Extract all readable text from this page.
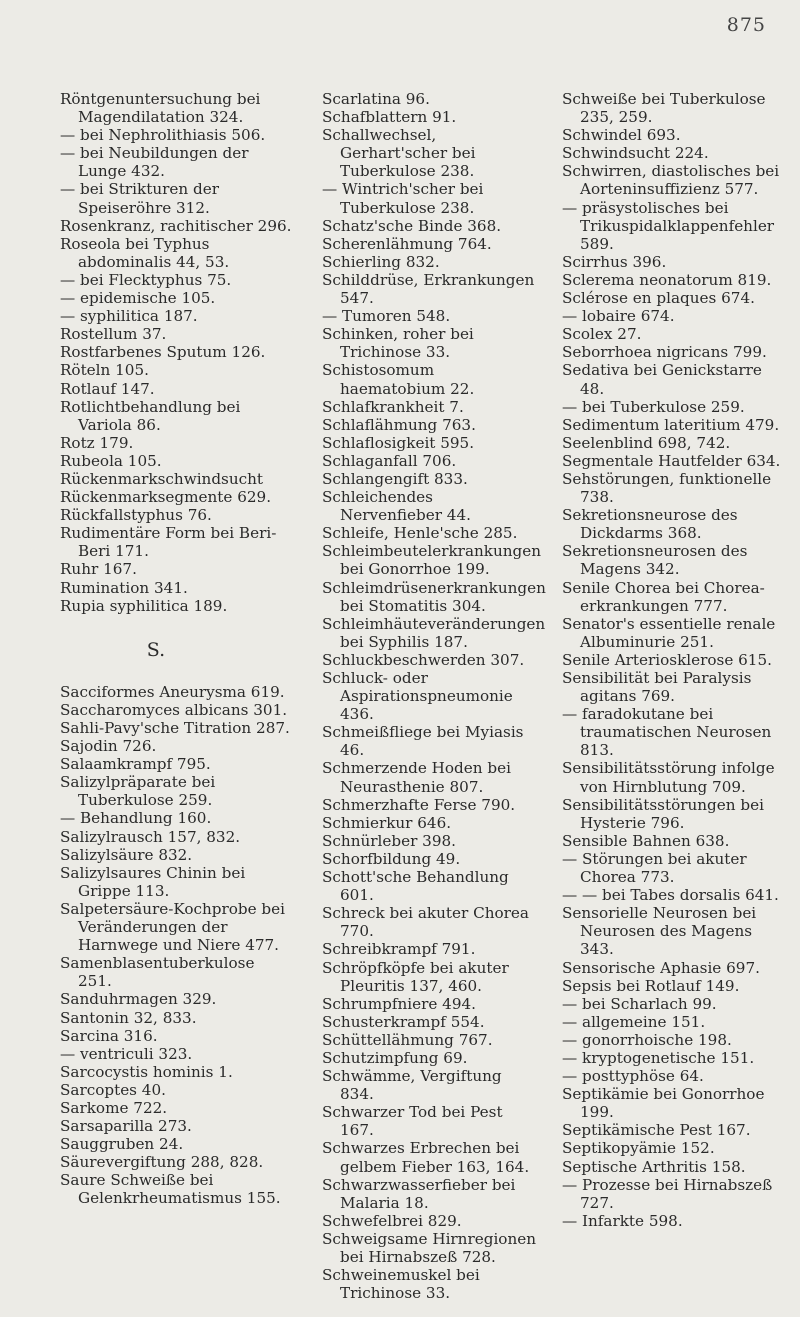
875

Röntgenuntersuchung bei Magendilatation 324.

— bei Nephrolithiasis 506.

— bei Neubildungen der Lunge 432.

— bei Strikturen der Speiseröhre 312.

Rosenkranz, rachitischer 296.

Roseola bei Typhus abdominalis 44, 53.

— bei Flecktyphus 75.

— epidemische 105.

— syphilitica 187.

Rostellum 37.

Rostfarbenes Sputum 126.

Röteln 105.

Rotlauf 147.

Rotlichtbehandlung bei Variola 86.

Rotz 179.

Rubeola 105.

Rückenmarkschwindsucht

Rückenmarksegmente 629.

Rückfallstyphus 76.

Rudimentäre Form bei Beri-Beri 171.

Ruhr 167.

Rumination 341.

Rupia syphilitica 189.

S.

Sacciformes Aneurysma 619.

Saccharomyces albicans 301.

Sahli-Pavy'sche Titration 287.

Sajodin 726.

Salaamkrampf 795.

Salizylpräparate bei Tuberkulose 259.

— Behandlung 160.

Salizylrausch 157, 832.

Salizylsäure 832.

Salizylsaures Chinin bei Grippe 113.

Salpetersäure-Kochprobe bei Veränderungen der Harnwege und Niere 477.

Samenblasentuberkulose 251.

Sanduhrmagen 329.

Santonin 32, 833.

Sarcina 316.

— ventriculi 323.

Sarcocystis hominis 1.

Sarcoptes 40.

Sarkome 722.

Sarsaparilla 273.

Sauggruben 24.

Säurevergiftung 288, 828.

Saure Schweiße bei Gelenkrheumatismus 155.

Scarlatina 96.

Schafblattern 91.

Schallwechsel, Gerhart'scher bei Tuberkulose 238.

— Wintrich'scher bei Tuberkulose 238.

Schatz'sche Binde 368.

Scherenlähmung 764.

Schierling 832.

Schilddrüse, Erkrankungen 547.

— Tumoren 548.

Schinken, roher bei Trichinose 33.

Schistosomum haematobium 22.

Schlafkrankheit 7.

Schlaflähmung 763.

Schlaflosigkeit 595.

Schlaganfall 706.

Schlangengift 833.

Schleichendes Nervenfieber 44.

Schleife, Henle'sche 285.

Schleimbeutelerkrankungen bei Gonorrhoe 199.

Schleimdrüsenerkrankungen bei Stomatitis 304.

Schleimhäuteveränderungen bei Syphilis 187.

Schluckbeschwerden 307.

Schluck- oder Aspirationspneumonie 436.

Schmeißfliege bei Myiasis 46.

Schmerzende Hoden bei Neurasthenie 807.

Schmerzhafte Ferse 790.

Schmierkur 646.

Schnürleber 398.

Schorfbildung 49.

Schott'sche Behandlung 601.

Schreck bei akuter Chorea 770.

Schreibkrampf 791.

Schröpfköpfe bei akuter Pleuritis 137, 460.

Schrumpfniere 494.

Schusterkrampf 554.

Schüttellähmung 767.

Schutzimpfung 69.

Schwämme, Vergiftung 834.

Schwarzer Tod bei Pest 167.

Schwarzes Erbrechen bei gelbem Fieber 163, 164.

Schwarzwasserfieber bei Malaria 18.

Schwefelbrei 829.

Schweigsame Hirnregionen bei Hirnabszeß 728.

Schweinemuskel bei Trichinose 33.

Schweiße bei Tuberkulose 235, 259.

Schwindel 693.

Schwindsucht 224.

Schwirren, diastolisches bei Aorteninsuffizienz 577.

— präsystolisches bei Trikuspidalklappenfehler 589.

Scirrhus 396.

Sclerema neonatorum 819.

Sclérose en plaques 674.

— lobaire 674.

Scolex 27.

Seborrhoea nigricans 799.

Sedativa bei Genickstarre 48.

— bei Tuberkulose 259.

Sedimentum lateritium 479.

Seelenblind 698, 742.

Segmentale Hautfelder 634.

Sehstörungen, funktionelle 738.

Sekretionsneurose des Dickdarms 368.

Sekretionsneurosen des Magens 342.

Senile Chorea bei Chorea-erkrankungen 777.

Senator's essentielle renale Albuminurie 251.

Senile Arteriosklerose 615.

Sensibilität bei Paralysis agitans 769.

— faradokutane bei traumatischen Neurosen 813.

Sensibilitätsstörung infolge von Hirnblutung 709.

Sensibilitätsstörungen bei Hysterie 796.

Sensible Bahnen 638.

— Störungen bei akuter Chorea 773.

— — bei Tabes dorsalis 641.

Sensorielle Neurosen bei Neurosen des Magens 343.

Sensorische Aphasie 697.

Sepsis bei Rotlauf 149.

— bei Scharlach 99.

— allgemeine 151.

— gonorrhoische 198.

— kryptogenetische 151.

— posttyphöse 64.

Septikämie bei Gonorrhoe 199.

Septikämische Pest 167.

Septikopyämie 152.

Septische Arthritis 158.

— Prozesse bei Hirnabszeß 727.

— Infarkte 598.
